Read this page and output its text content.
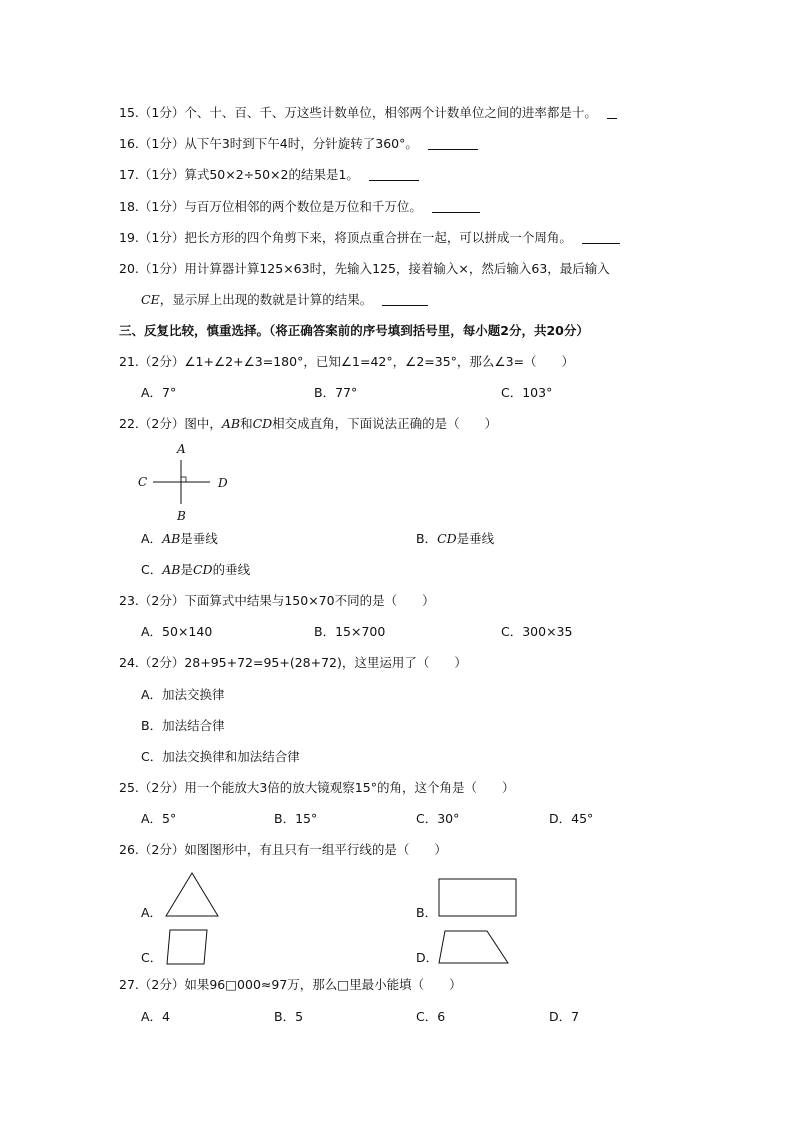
15.（1分）个、十、百、千、万这些计数单位，相邻两个计数单位之间的进率都是十。
16.（1分）从下午3时到下午4时，分针旋转了360°。
17.（1分）算式50×2÷50×2的结果是1。
18.（1分）与百万位相邻的两个数位是万位和千万位。
19.（1分）把长方形的四个角剪下来，将顶点重合拼在一起，可以拼成一个周角。
20.（1分）用计算器计算125×63时，先输入125，接着输入×，然后输入63，最后输入
CE，显示屏上出现的数就是计算的结果。
三、反复比较，慎重选择。（将正确答案前的序号填到括号里，每小题2分，共20分）
21.（2分）∠1+∠2+∠3=180°，已知∠1=42°，∠2=35°，那么∠3=（　　）
A．7°	B．77°	C．103°
22.（2分）图中，AB和CD相交成直角，下面说法正确的是（　　）
A
B
C	D
A．AB是垂线	B．CD是垂线
C．AB是CD的垂线
23.（2分）下面算式中结果与150×70不同的是（　　）
A．50×140	B．15×700	C．300×35
24.（2分）28+95+72=95+(28+72)，这里运用了（　　）
A．加法交换律
B．加法结合律
C．加法交换律和加法结合律
25.（2分）用一个能放大3倍的放大镜观察15°的角，这个角是（　　）
A．5°	B．15°	C．30°	D．45°
26.（2分）如图图形中，有且只有一组平行线的是（　　）
A．	B．
C．	D．
27.（2分）如果96□000≈97万，那么□里最小能填（　　）
A．4	B．5	C．6	D．7
